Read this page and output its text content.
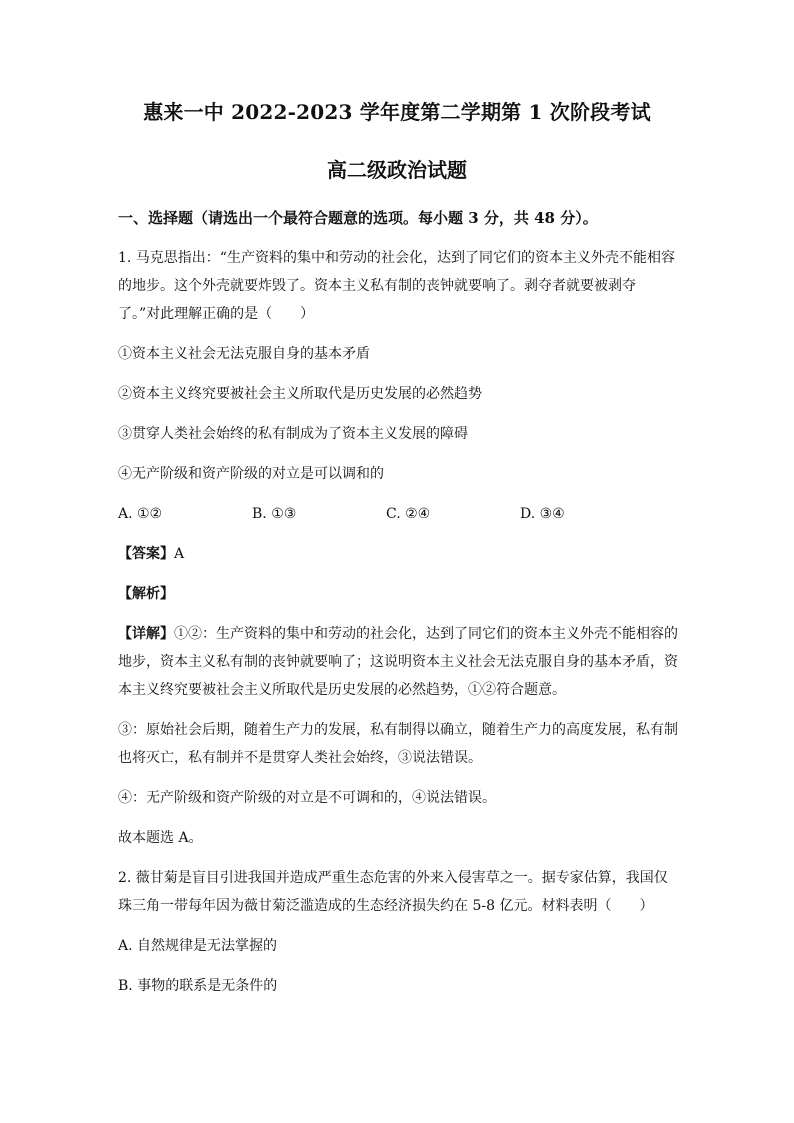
惠来一中 2022-2023 学年度第二学期第 1 次阶段考试
高二级政治试题
一、选择题（请选出一个最符合题意的选项。每小题 3 分，共 48 分）。

1. 马克思指出：“生产资料的集中和劳动的社会化，达到了同它们的资本主义外壳不能相容的地步。这个外壳就要炸毁了。资本主义私有制的丧钟就要响了。剥夺者就要被剥夺了。”对此理解正确的是（　　）

①资本主义社会无法克服自身的基本矛盾

②资本主义终究要被社会主义所取代是历史发展的必然趋势

③贯穿人类社会始终的私有制成为了资本主义发展的障碍

④无产阶级和资产阶级的对立是可以调和的

A. ①②	B. ①③	C. ②④	D. ③④

【答案】A

【解析】

【详解】①②：生产资料的集中和劳动的社会化，达到了同它们的资本主义外壳不能相容的地步，资本主义私有制的丧钟就要响了；这说明资本主义社会无法克服自身的基本矛盾，资本主义终究要被社会主义所取代是历史发展的必然趋势，①②符合题意。

③：原始社会后期，随着生产力的发展，私有制得以确立，随着生产力的高度发展，私有制也将灭亡，私有制并不是贯穿人类社会始终，③说法错误。

④：无产阶级和资产阶级的对立是不可调和的，④说法错误。

故本题选 A。

2. 薇甘菊是盲目引进我国并造成严重生态危害的外来入侵害草之一。据专家估算，我国仅珠三角一带每年因为薇甘菊泛滥造成的生态经济损失约在 5-8 亿元。材料表明（　　）

A. 自然规律是无法掌握的

B. 事物的联系是无条件的
